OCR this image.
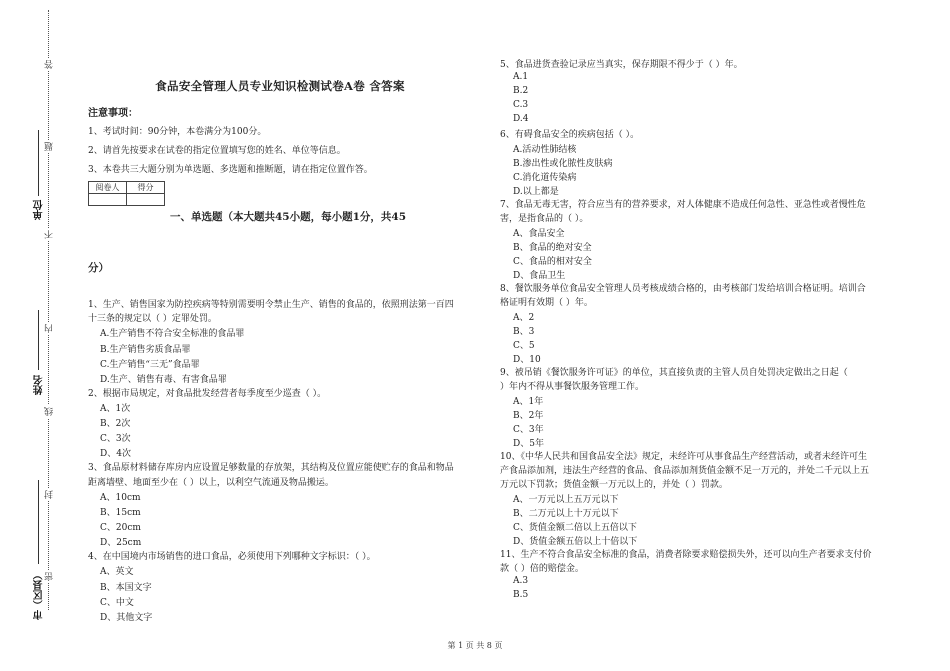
答
题
不
内
线
封
密
单位
姓名
市（区县）
食品安全管理人员专业知识检测试卷A卷 含答案
注意事项：
1、考试时间：90分钟，本卷满分为100分。
2、请首先按要求在试卷的指定位置填写您的姓名、单位等信息。
3、本卷共三大题分别为单选题、多选题和推断题，请在指定位置作答。
阅卷人	得分

一、单选题（本大题共45小题，每小题1分，共45
分）
1、生产、销售国家为防控疾病等特别需要明令禁止生产、销售的食品的，依照刑法第一百四
十三条的规定以（ ）定罪处罚。
A.生产销售不符合安全标准的食品罪
B.生产销售劣质食品罪
C.生产销售“三无”食品罪
D.生产、销售有毒、有害食品罪
2、根据市局规定，对食品批发经营者每季度至少巡查（ ）。
A、1次
B、2次
C、3次
D、4次
3、食品原材料储存库房内应设置足够数量的存放架，其结构及位置应能使贮存的食品和物品
距离墙壁、地面至少在（ ）以上，以利空气流通及物品搬运。
A、10cm
B、15cm
C、20cm
D、25cm
4、在中国境内市场销售的进口食品，必须使用下列哪种文字标识：（ ）。
A、英文
B、本国文字
C、中文
D、其他文字
5、食品进货查验记录应当真实，保存期限不得少于（ ）年。
A.1
B.2
C.3
D.4
6、有碍食品安全的疾病包括（ ）。
A.活动性肺结核
B.渗出性或化脓性皮肤病
C.消化道传染病
D.以上都是
7、食品无毒无害，符合应当有的营养要求，对人体健康不造成任何急性、亚急性或者慢性危
害，是指食品的（ ）。
A、食品安全
B、食品的绝对安全
C、食品的相对安全
D、食品卫生
8、餐饮服务单位食品安全管理人员考核成绩合格的，由考核部门发给培训合格证明。培训合
格证明有效期（ ）年。
A、2
B、3
C、5
D、10
9、被吊销《餐饮服务许可证》的单位，其直接负责的主管人员自处罚决定做出之日起（
）年内不得从事餐饮服务管理工作。
A、1年
B、2年
C、3年
D、5年
10、《中华人民共和国食品安全法》规定，未经许可从事食品生产经营活动，或者未经许可生
产食品添加剂，违法生产经营的食品、食品添加剂货值金额不足一万元的，并处二千元以上五
万元以下罚款；货值金额一万元以上的，并处（ ）罚款。
A、一万元以上五万元以下
B、二万元以上十万元以下
C、货值金额二倍以上五倍以下
D、货值金额五倍以上十倍以下
11、生产不符合食品安全标准的食品，消费者除要求赔偿损失外，还可以向生产者要求支付价
款（ ）倍的赔偿金。
A.3
B.5
第 1 页 共 8 页
